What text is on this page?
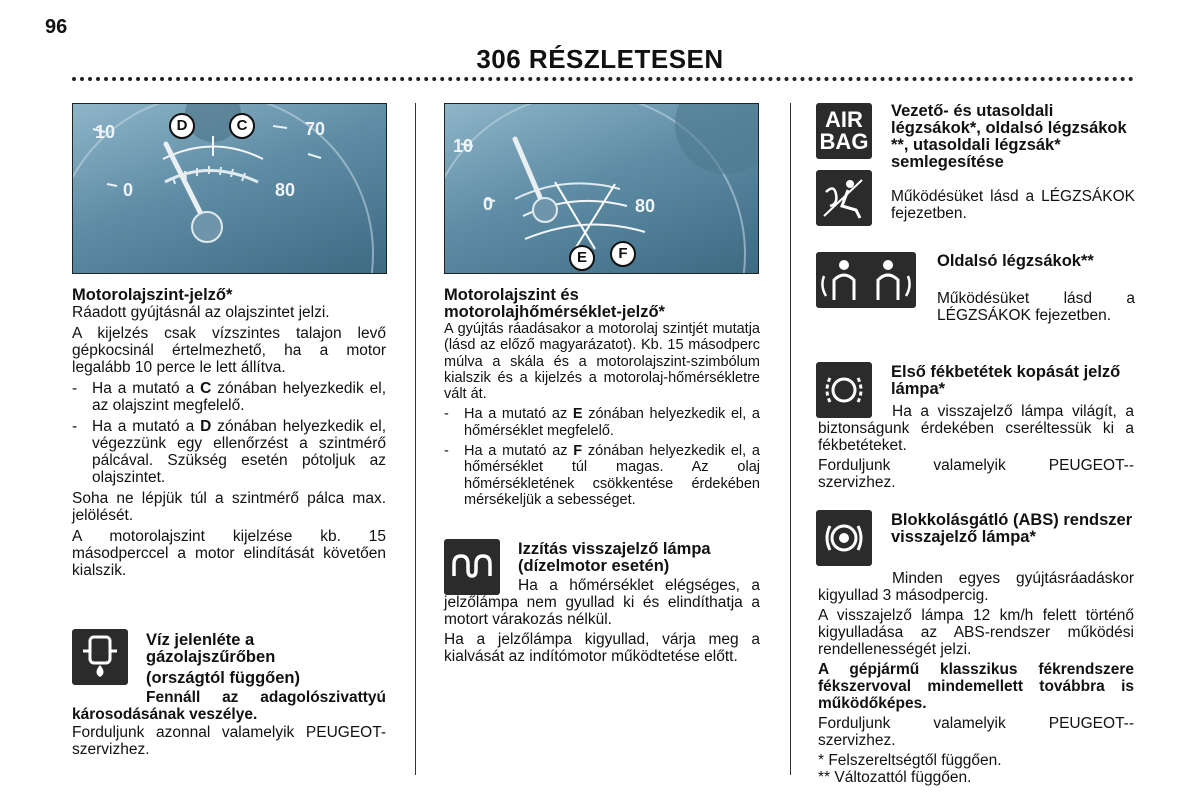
96
306 RÉSZLETESEN
10
0
70
80
D	C

Motorolajszint-jelző*

Ráadott gyújtásnál az olajszintet jelzi.

A kijelzés csak vízszintes talajon levő gépkocsinál értelmezhető, ha a motor legalább 10 perce le lett állítva.

- Ha a mutató a C zónában helyezkedik el, az olajszint megfelelő.
- Ha a mutató a D zónában helyezkedik el, végezzünk egy ellenőrzést a szintmérő pálcával. Szükség esetén pótoljuk az olajszintet.

Soha ne lépjük túl a szintmérő pálca max. jelölését.

A motorolajszint kijelzése kb. 15 másodperccel a motor elindítását követően kialszik.

Víz jelenléte a gázolajszűrőben
(országtól függően)

Fennáll az adagolószivattyú károsodásának veszélye.

Forduljunk azonnal valamelyik PEUGEOT-szervizhez.
10
0	80
E	F

Motorolajszint és

motorolajhőmérséklet-jelző*

A gyújtás ráadásakor a motorolaj szintjét mutatja (lásd az előző magyarázatot). Kb. 15 másodperc múlva a skála és a motorolajszint-szimbólum kialszik és a kijelzés a motorolaj-hőmérsékletre vált át.

-	Ha a mutató az E zónában helyezkedik el, a hőmérséklet megfelelő.
-	Ha a mutató az F zónában helyezkedik el, a hőmérséklet túl magas. Az olaj hőmérsékletének csökkentése érdekében mérsékeljük a sebességet.
Izzítás visszajelző lámpa (dízelmotor esetén)

Ha a hőmérséklet elégséges, a jelzőlámpa nem gyullad ki és elindíthatja a motort várakozás nélkül.

Ha a jelzőlámpa kigyullad, várja meg a kialvását az indítómotor működtetése előtt.

AIR
BAG
Vezető- és utasoldali légzsákok*, oldalsó légzsákok **, utasoldali légzsák* semlegesítése
Működésüket lásd a LÉGZSÁKOK fejezetben.
Oldalsó légzsákok**
Működésüket lásd a LÉGZSÁKOK fejezetben.
Első fékbetétek kopását jelző lámpa*

Ha a visszajelző lámpa világít, a biztonságunk érdekében cseréltessük ki a fékbetéteket.

Forduljunk valamelyik PEUGEOT--szervizhez.

Blokkolásgátló (ABS) rendszer visszajelző lámpa*

Minden egyes gyújtásráadáskor kigyullad 3 másodpercig.

A visszajelző lámpa 12 km/h felett történő kigyulladása az ABS-rendszer működési rendellenességét jelzi.

A gépjármű klasszikus fékrendszere fékszervoval mindemellett továbbra is működőképes.

Forduljunk valamelyik PEUGEOT--szervizhez.

* Felszereltségtől függően.

** Változattól függően.
